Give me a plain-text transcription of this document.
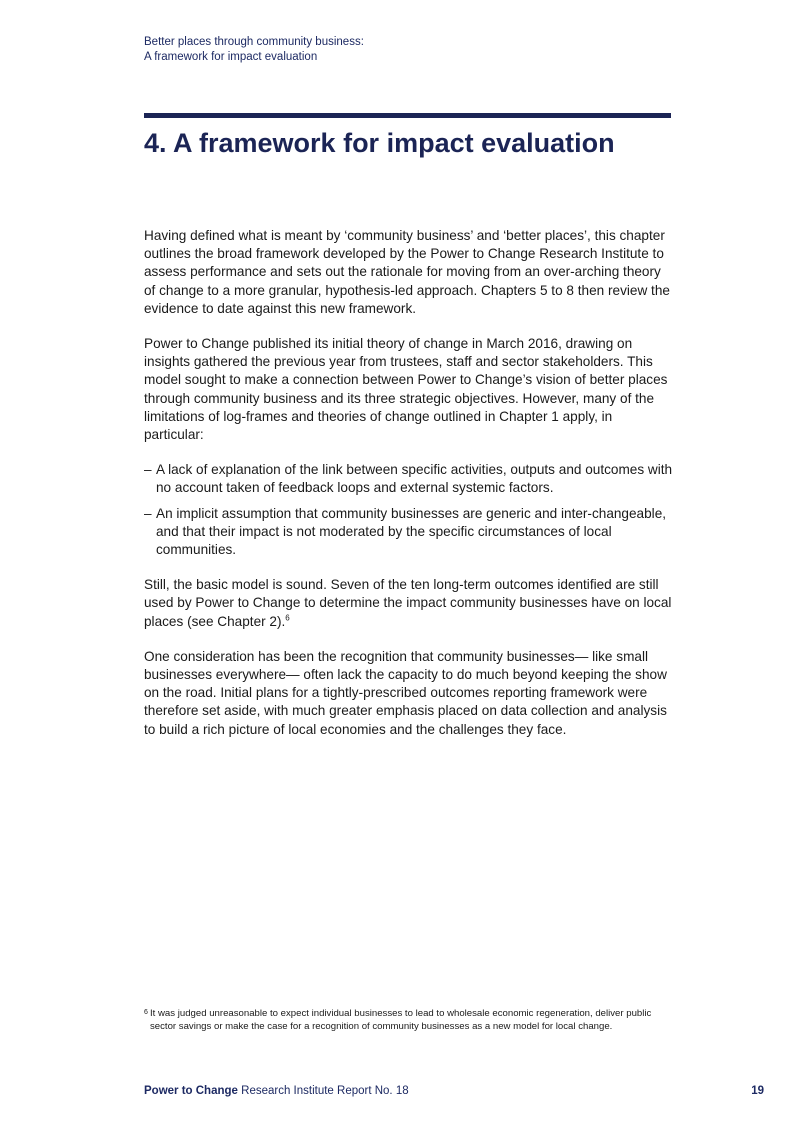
Better places through community business:
A framework for impact evaluation
4. A framework for impact evaluation

Having defined what is meant by ‘community business’ and ‘better places’, this chapter outlines the broad framework developed by the Power to Change Research Institute to assess performance and sets out the rationale for moving from an over-arching theory of change to a more granular, hypothesis-led approach. Chapters 5 to 8 then review the evidence to date against this new framework.

Power to Change published its initial theory of change in March 2016, drawing on insights gathered the previous year from trustees, staff and sector stakeholders. This model sought to make a connection between Power to Change’s vision of better places through community business and its three strategic objectives. However, many of the limitations of log-frames and theories of change outlined in Chapter 1 apply, in particular:

– A lack of explanation of the link between specific activities, outputs and outcomes with no account taken of feedback loops and external systemic factors.
– An implicit assumption that community businesses are generic and inter-changeable, and that their impact is not moderated by the specific circumstances of local communities.

Still, the basic model is sound. Seven of the ten long-term outcomes identified are still used by Power to Change to determine the impact community businesses have on local places (see Chapter 2).$^6$

One consideration has been the recognition that community businesses— like small businesses everywhere— often lack the capacity to do much beyond keeping the show on the road. Initial plans for a tightly-prescribed outcomes reporting framework were therefore set aside, with much greater emphasis placed on data collection and analysis to build a rich picture of local economies and the challenges they face.

6 It was judged unreasonable to expect individual businesses to lead to wholesale economic regeneration, deliver public sector savings or make the case for a recognition of community businesses as a new model for local change.
Power to Change Research Institute Report No. 18	19
